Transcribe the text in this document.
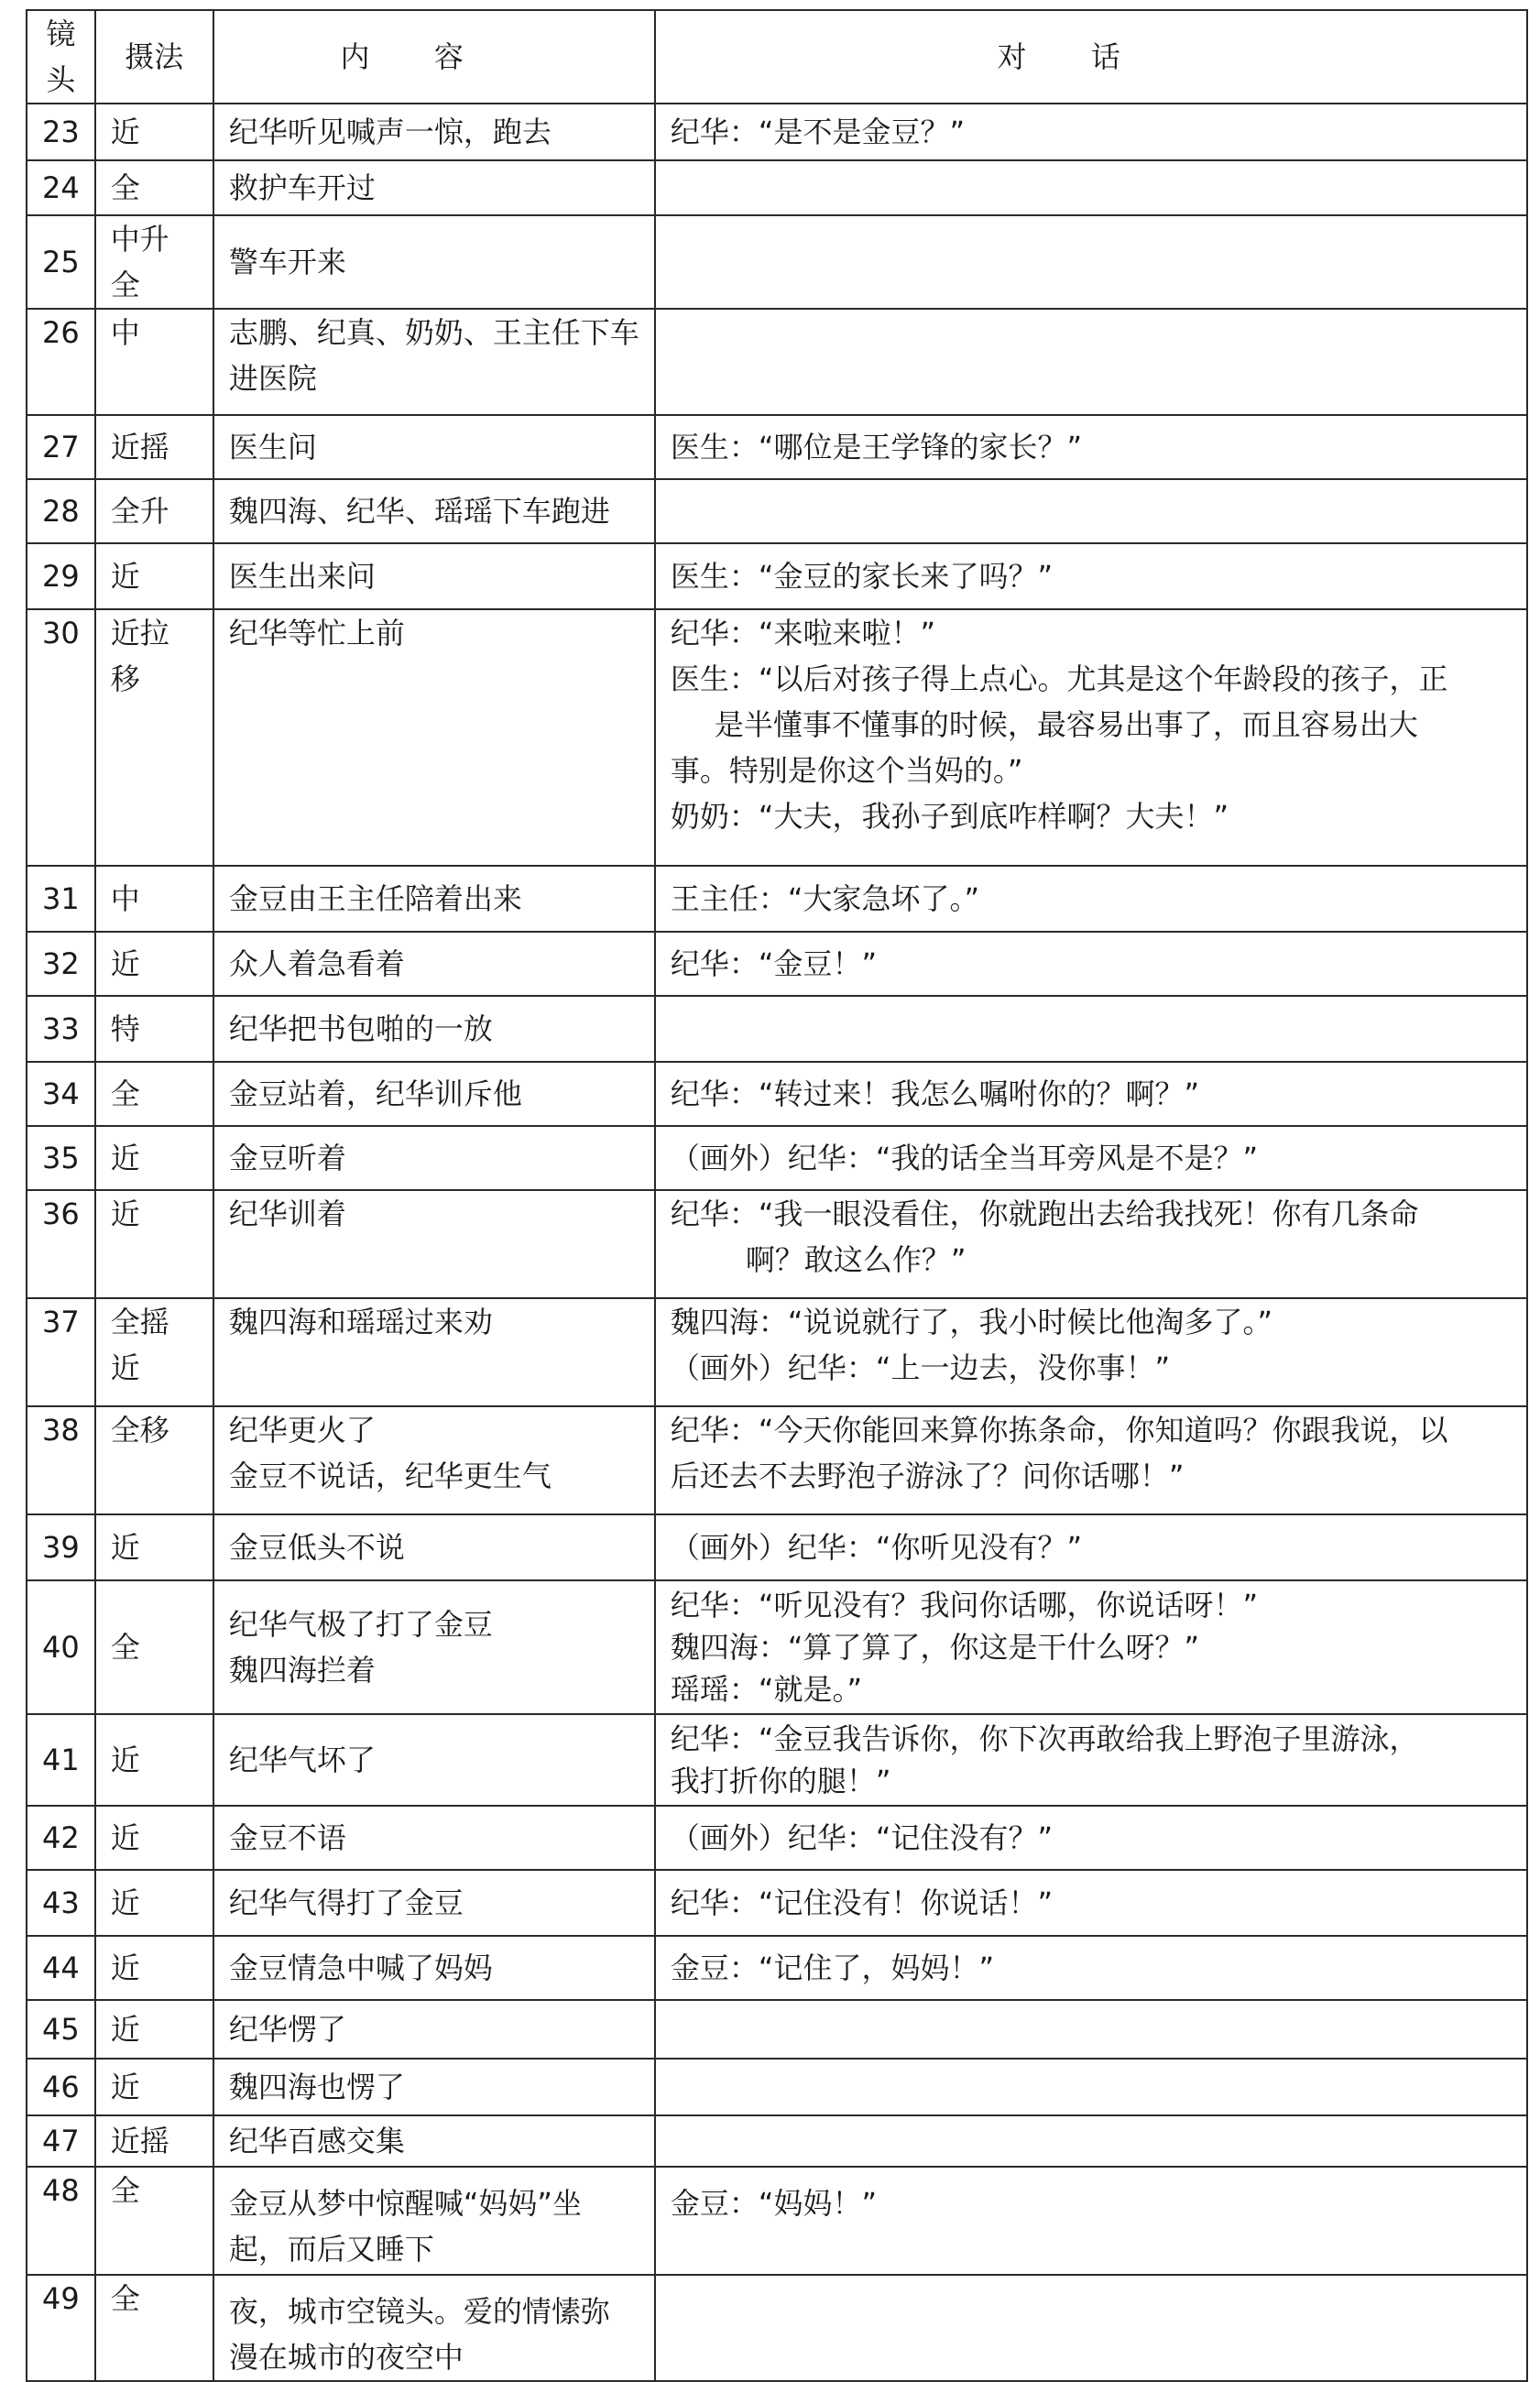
镜头	摄法	内容	对话
23	近	纪华听见喊声一惊，跑去	纪华：“是不是金豆？”

24	全	救护车开过	

25	中升全	警车开来	

26	中	志鹏、纪真、奶奶、王主任下车
进医院	

27	近摇	医生问	医生：“哪位是王学锋的家长？”

28	全升	魏四海、纪华、瑶瑶下车跑进	

29	近	医生出来问	医生：“金豆的家长来了吗？”

30	近拉移	纪华等忙上前	纪华：“来啦来啦！”
医生：“以后对孩子得上点心。尤其是这个年龄段的孩子，正
是半懂事不懂事的时候，最容易出事了，而且容易出大
事。特别是你这个当妈的。”
奶奶：“大夫，我孙子到底咋样啊？大夫！”

31	中	金豆由王主任陪着出来	王主任：“大家急坏了。”

32	近	众人着急看着	纪华：“金豆！”

33	特	纪华把书包啪的一放	

34	全	金豆站着，纪华训斥他	纪华：“转过来！我怎么嘱咐你的？啊？”

35	近	金豆听着	（画外）纪华：“我的话全当耳旁风是不是？”

36	近	纪华训着	纪华：“我一眼没看住，你就跑出去给我找死！你有几条命
啊？敢这么作？”

37	全摇近	魏四海和瑶瑶过来劝	魏四海：“说说就行了，我小时候比他淘多了。”
（画外）纪华：“上一边去，没你事！”

38	全移	纪华更火了
金豆不说话，纪华更生气	纪华：“今天你能回来算你拣条命，你知道吗？你跟我说，以
后还去不去野泡子游泳了？问你话哪！”

39	近	金豆低头不说	（画外）纪华：“你听见没有？”

40	全	纪华气极了打了金豆
魏四海拦着	纪华：“听见没有？我问你话哪，你说话呀！”
魏四海：“算了算了，你这是干什么呀？”
瑶瑶：“就是。”

41	近	纪华气坏了	纪华：“金豆我告诉你，你下次再敢给我上野泡子里游泳，
我打折你的腿！”

42	近	金豆不语	（画外）纪华：“记住没有？”

43	近	纪华气得打了金豆	纪华：“记住没有！你说话！”

44	近	金豆情急中喊了妈妈	金豆：“记住了，妈妈！”

45	近	纪华愣了	

46	近	魏四海也愣了	

47	近摇	纪华百感交集	

48	全	金豆从梦中惊醒喊“妈妈”坐
起，而后又睡下	金豆：“妈妈！”

49	全	夜，城市空镜头。爱的情愫弥
漫在城市的夜空中	
